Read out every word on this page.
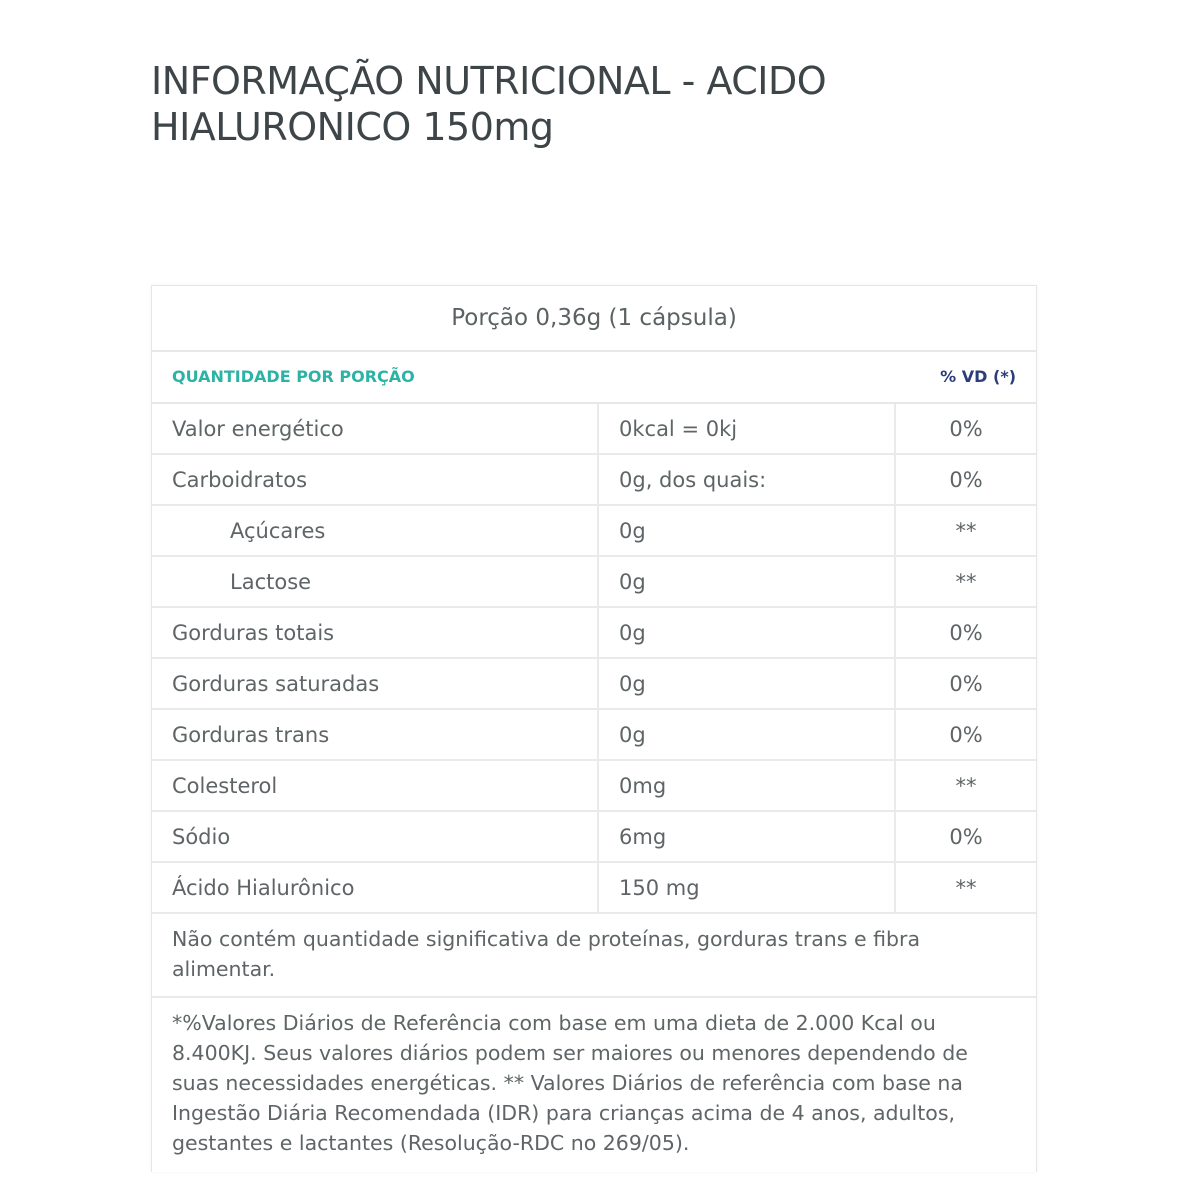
INFORMAÇÃO NUTRICIONAL - ACIDO HIALURONICO 150mg
Porção 0,36g (1 cápsula)
QUANTIDADE POR PORÇÃO	% VD (*)
Valor energético	0kcal = 0kj	0%
Carboidratos	0g, dos quais:	0%
Açúcares	0g	**
Lactose	0g	**
Gorduras totais	0g	0%
Gorduras saturadas	0g	0%
Gorduras trans	0g	0%
Colesterol	0mg	**
Sódio	6mg	0%
Ácido Hialurônico	150 mg	**
Não contém quantidade significativa de proteínas, gorduras trans e fibra alimentar.
*%Valores Diários de Referência com base em uma dieta de 2.000 Kcal ou 8.400KJ. Seus valores diários podem ser maiores ou menores dependendo de suas necessidades energéticas. ** Valores Diários de referência com base na Ingestão Diária Recomendada (IDR) para crianças acima de 4 anos, adultos, gestantes e lactantes (Resolução-RDC no 269/05).
